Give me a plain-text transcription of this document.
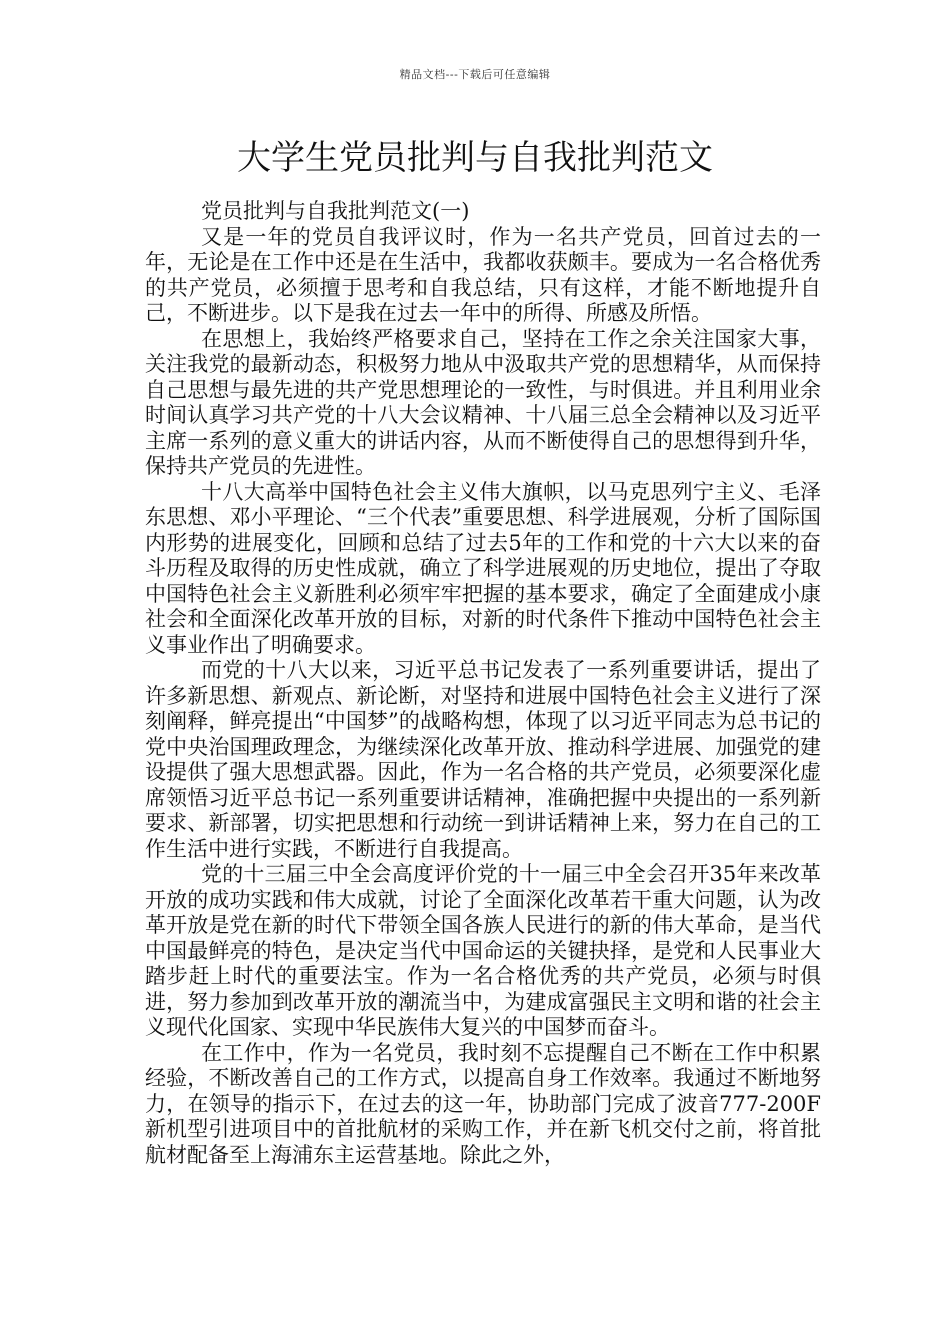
精品文档---下载后可任意编辑
大学生党员批判与自我批判范文

党员批判与自我批判范文(一)

又是一年的党员自我评议时，作为一名共产党员，回首过去的一年，无论是在工作中还是在生活中，我都收获颇丰。要成为一名合格优秀的共产党员，必须擅于思考和自我总结，只有这样，才能不断地提升自己，不断进步。以下是我在过去一年中的所得、所感及所悟。

在思想上，我始终严格要求自己，坚持在工作之余关注国家大事，关注我党的最新动态，积极努力地从中汲取共产党的思想精华，从而保持自己思想与最先进的共产党思想理论的一致性，与时俱进。并且利用业余时间认真学习共产党的十八大会议精神、十八届三总全会精神以及习近平主席一系列的意义重大的讲话内容，从而不断使得自己的思想得到升华，保持共产党员的先进性。

十八大高举中国特色社会主义伟大旗帜，以马克思列宁主义、毛泽东思想、邓小平理论、“三个代表”重要思想、科学进展观，分析了国际国内形势的进展变化，回顾和总结了过去5年的工作和党的十六大以来的奋斗历程及取得的历史性成就，确立了科学进展观的历史地位，提出了夺取中国特色社会主义新胜利必须牢牢把握的基本要求，确定了全面建成小康社会和全面深化改革开放的目标，对新的时代条件下推动中国特色社会主义事业作出了明确要求。

而党的十八大以来，习近平总书记发表了一系列重要讲话，提出了许多新思想、新观点、新论断，对坚持和进展中国特色社会主义进行了深刻阐释，鲜亮提出“中国梦”的战略构想，体现了以习近平同志为总书记的党中央治国理政理念，为继续深化改革开放、推动科学进展、加强党的建设提供了强大思想武器。因此，作为一名合格的共产党员，必须要深化虚席领悟习近平总书记一系列重要讲话精神，准确把握中央提出的一系列新要求、新部署，切实把思想和行动统一到讲话精神上来，努力在自己的工作生活中进行实践，不断进行自我提高。

党的十三届三中全会高度评价党的十一届三中全会召开35年来改革开放的成功实践和伟大成就，讨论了全面深化改革若干重大问题，认为改革开放是党在新的时代下带领全国各族人民进行的新的伟大革命，是当代中国最鲜亮的特色，是决定当代中国命运的关键抉择，是党和人民事业大踏步赶上时代的重要法宝。作为一名合格优秀的共产党员，必须与时俱进，努力参加到改革开放的潮流当中，为建成富强民主文明和谐的社会主义现代化国家、实现中华民族伟大复兴的中国梦而奋斗。

在工作中，作为一名党员，我时刻不忘提醒自己不断在工作中积累经验，不断改善自己的工作方式，以提高自身工作效率。我通过不断地努力，在领导的指示下，在过去的这一年，协助部门完成了波音777-200F新机型引进项目中的首批航材的采购工作，并在新飞机交付之前，将首批航材配备至上海浦东主运营基地。除此之外，
